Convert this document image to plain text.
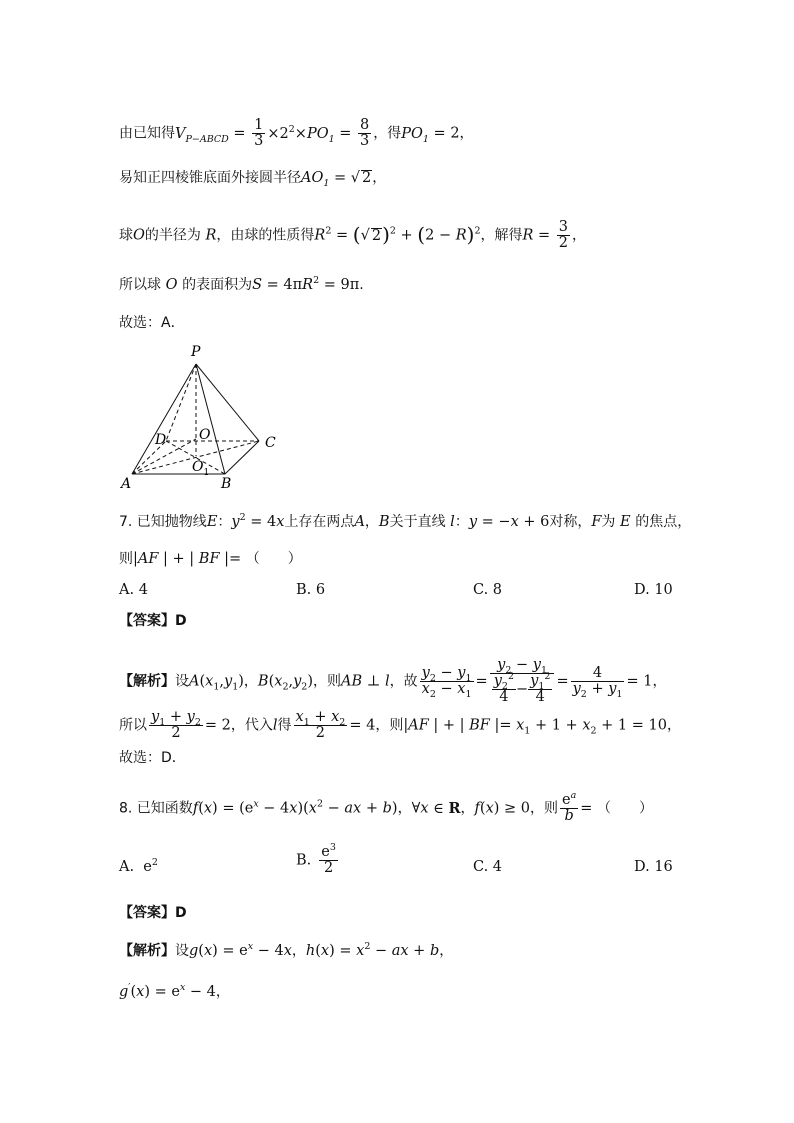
由已知得$V_{P-ABCD} = \frac{1}{3} \times 2^2\times PO_1 = \frac{8}{3}$ ，得$PO_1 = 2$，
易知正四棱锥底面外接圆半径$AO_1$ = √ 2，
球O的半径为 R，由球的性质得$R^2$ = (√ $2)^2 + (2 - R)^2$，解得$R = \frac{3}{2}$ ，
所以球 O 的表面积为$S = 4\pi R^2 = 9\pi$.
故选：A．
P
O
D	C
$O_1$
A	B
7. 已知抛物线E：$y^2 = 4x$上存在两点A，B关于直线 l：y = −x + 6对称，F为 E 的焦点，
则|AF | + | BF |= （　　）
A. 4	B. 6	C. 8	D. 10
【答案】D
【解析】设$A(x_1,y_1)$，$B(x_2,y_2)$，则AB ⊥ l，故 $\frac{y_2 - y_1}{x_2 - x_1} = \frac{y_2 - y_1}{\frac{y_2^2}{4} - \frac{y_1^2}{4}} = \frac{4}{y_2 + y_1} = 1$，
所以 $\frac{y_1 + y_2}{2} = 2$，代入l得 $\frac{x_1 + x_2}{2} = 4$，则|AF | + | BF |= $x_1 + 1 + x_2 + 1 = 10$，
故选：D．
8. 已知函数$f(x) = (e^x - 4x)(x^2$ − ax + b)，∀x ∈ R，f(x) ≥ 0，则 $\frac{e^a}{b}$ = （　　）
A.  $e^2$	B. $\frac{e^3}{2}$	C. 4	D. 16
【答案】D
【解析】设$g(x) = e^x - 4x$，$h(x) = x^2$ − ax + b，
$g'(x) = e^x - 4$，
